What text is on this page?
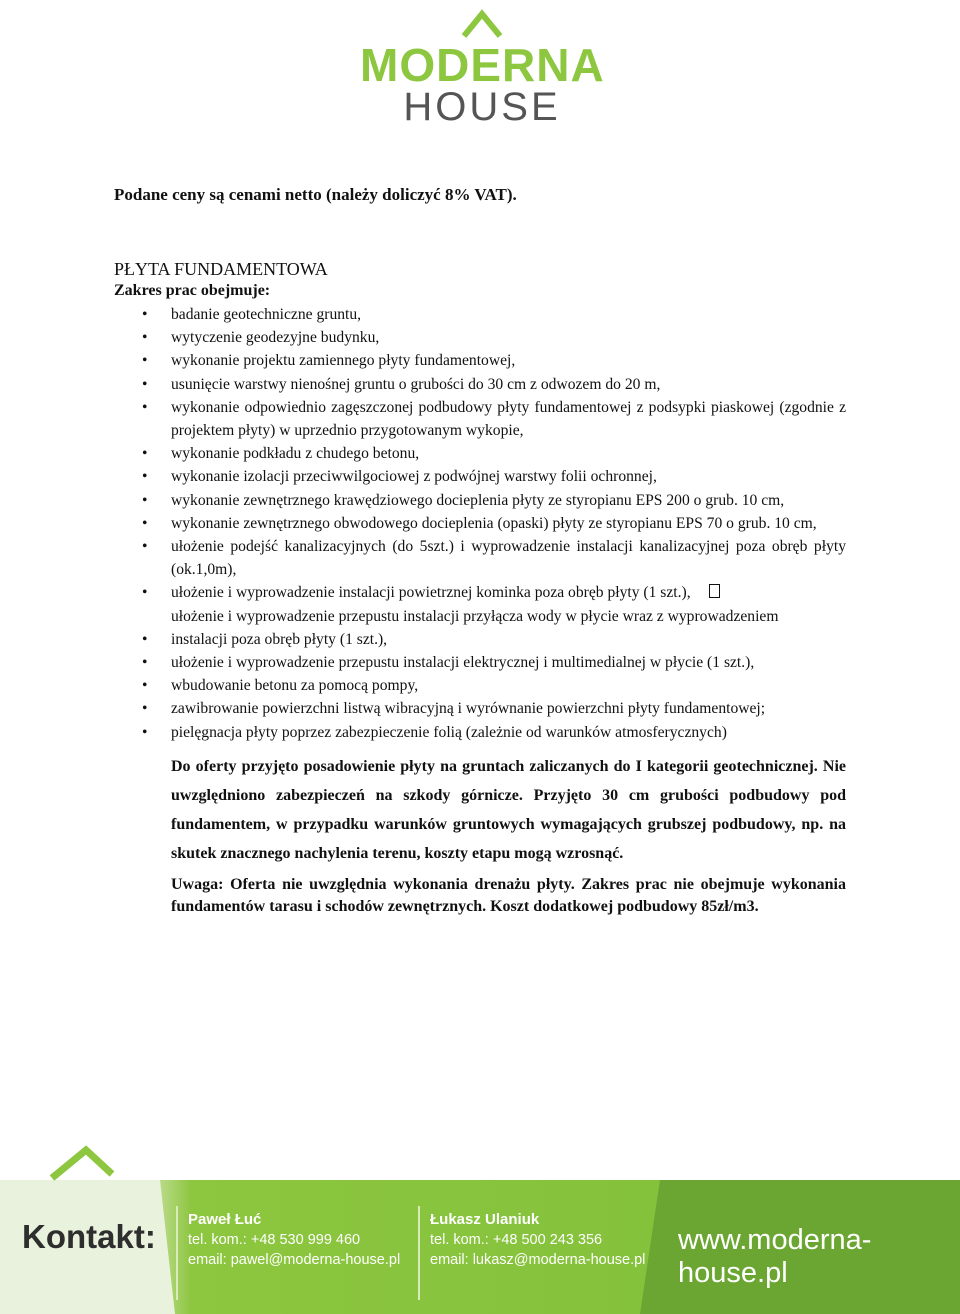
MODERNA
HOUSE
Podane ceny są cenami netto (należy doliczyć 8% VAT).
PŁYTA FUNDAMENTOWA
Zakres prac obejmuje:
• badanie geotechniczne gruntu,
• wytyczenie geodezyjne budynku,
• wykonanie projektu zamiennego płyty fundamentowej,
• usunięcie warstwy nienośnej gruntu o grubości do 30 cm z odwozem do 20 m,
• wykonanie odpowiednio zagęszczonej podbudowy płyty fundamentowej z podsypki piaskowej (zgodnie z projektem płyty) w uprzednio przygotowanym wykopie,
• wykonanie podkładu z chudego betonu,
• wykonanie izolacji przeciwwilgociowej z podwójnej warstwy folii ochronnej,
• wykonanie zewnętrznego krawędziowego docieplenia płyty ze styropianu EPS 200 o grub. 10 cm,
• wykonanie zewnętrznego obwodowego docieplenia (opaski) płyty ze styropianu EPS 70 o grub. 10 cm,
• ułożenie podejść kanalizacyjnych (do 5szt.) i wyprowadzenie instalacji kanalizacyjnej poza obręb płyty (ok.1,0m),
• ułożenie i wyprowadzenie instalacji powietrznej kominka poza obręb płyty (1 szt.),
ułożenie i wyprowadzenie przepustu instalacji przyłącza wody w płycie wraz z wyprowadzeniem
• instalacji poza obręb płyty (1 szt.),
• ułożenie i wyprowadzenie przepustu instalacji elektrycznej i multimedialnej w płycie (1 szt.),
• wbudowanie betonu za pomocą pompy,
• zawibrowanie powierzchni listwą wibracyjną i wyrównanie powierzchni płyty fundamentowej;
• pielęgnacja płyty poprzez zabezpieczenie folią (zależnie od warunków atmosferycznych)
Do oferty przyjęto posadowienie płyty na gruntach zaliczanych do I kategorii geotechnicznej. Nie uwzględniono zabezpieczeń na szkody górnicze. Przyjęto 30 cm grubości podbudowy pod fundamentem, w przypadku warunków gruntowych wymagających grubszej podbudowy, np. na skutek znacznego nachylenia terenu, koszty etapu mogą wzrosnąć.
Uwaga: Oferta nie uwzględnia wykonania drenażu płyty. Zakres prac nie obejmuje wykonania fundamentów tarasu i schodów zewnętrznych. Koszt dodatkowej podbudowy 85zł/m3.
Kontakt: Paweł Łuć
tel. kom.: +48 530 999 460
email: pawel@moderna-house.pl
Łukasz Ulaniuk
tel. kom.: +48 500 243 356
email: lukasz@moderna-house.pl
www.moderna-house.pl
